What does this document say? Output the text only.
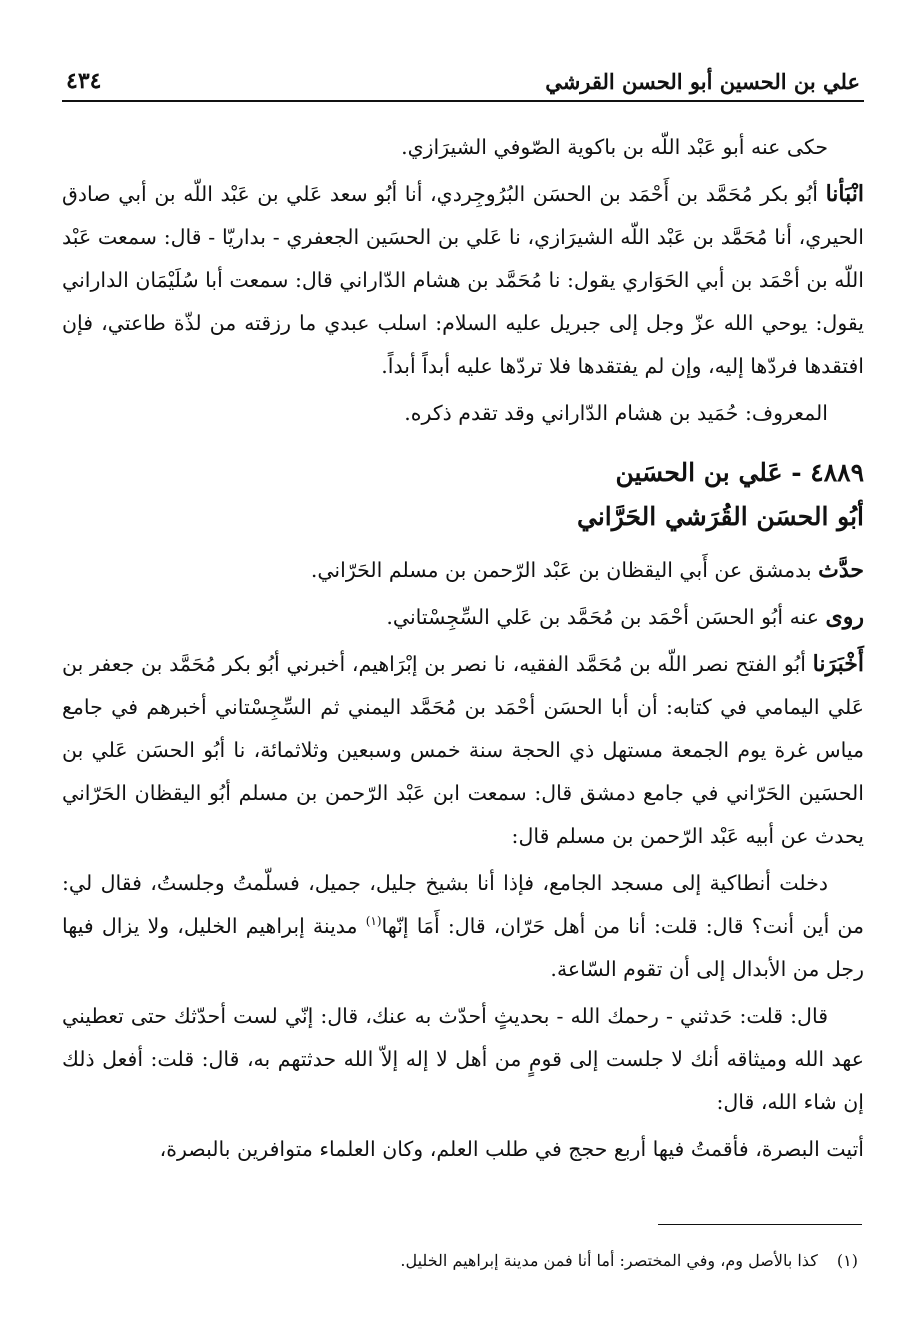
علي بن الحسين أبو الحسن القرشي
٤٣٤

حكى عنه أبو عَبْد اللّه بن باكوية الصّوفي الشيرَازي.

انْبَأنا أبُو بكر مُحَمَّد بن أَحْمَد بن الحسَن البُرُوجِردي، أنا أبُو سعد عَلي بن عَبْد اللّه بن أبي صادق الحيري، أنا مُحَمَّد بن عَبْد اللّه الشيرَازي، نا عَلي بن الحسَين الجعفري - بداريّا - قال: سمعت عَبْد اللّه بن أحْمَد بن أبي الحَوَاري يقول: نا مُحَمَّد بن هشام الدّاراني قال: سمعت أبا سُلَيْمَان الداراني يقول: يوحي الله عزّ وجل إلى جبريل عليه السلام: اسلب عبدي ما رزقته من لذّة طاعتي، فإن افتقدها فردّها إليه، وإن لم يفتقدها فلا تردّها عليه أبداً أبداً.

المعروف: حُمَيد بن هشام الدّاراني وقد تقدم ذكره.

٤٨٨٩ - عَلي بن الحسَين
أبُو الحسَن القُرَشي الحَرَّاني

حدَّث بدمشق عن أَبي اليقظان بن عَبْد الرّحمن بن مسلم الحَرّاني.

روى عنه أبُو الحسَن أحْمَد بن مُحَمَّد بن عَلي السِّجِسْتاني.

أَخْبَرَنا أبُو الفتح نصر اللّه بن مُحَمَّد الفقيه، نا نصر بن إبْرَاهيم، أخبرني أبُو بكر مُحَمَّد بن جعفر بن عَلي اليمامي في كتابه: أن أبا الحسَن أحْمَد بن مُحَمَّد اليمني ثم السِّجِسْتاني أخبرهم في جامع مياس غرة يوم الجمعة مستهل ذي الحجة سنة خمس وسبعين وثلاثمائة، نا أبُو الحسَن عَلي بن الحسَين الحَرّاني في جامع دمشق قال: سمعت ابن عَبْد الرّحمن بن مسلم أبُو اليقظان الحَرّاني يحدث عن أبيه عَبْد الرّحمن بن مسلم قال:

دخلت أنطاكية إلى مسجد الجامع، فإذا أنا بشيخ جليل، جميل، فسلّمتُ وجلستُ، فقال لي: من أين أنت؟ قال: قلت: أنا من أهل حَرّان، قال: أَمَا إنّها$^{(١)}$ مدينة إبراهيم الخليل، ولا يزال فيها رجل من الأبدال إلى أن تقوم السّاعة.

قال: قلت: حَدثني - رحمك الله - بحديثٍ أحدّث به عنك، قال: إنّي لست أحدّثك حتى تعطيني عهد الله وميثاقه أنك لا جلست إلى قومٍ من أهل لا إله إلاّ الله حدثتهم به، قال: قلت: أفعل ذلك إن شاء الله، قال:

أتيت البصرة، فأقمتُ فيها أربع حجج في طلب العلم، وكان العلماء متوافرين بالبصرة،

(١) كذا بالأصل وم، وفي المختصر: أما أنا فمن مدينة إبراهيم الخليل.
